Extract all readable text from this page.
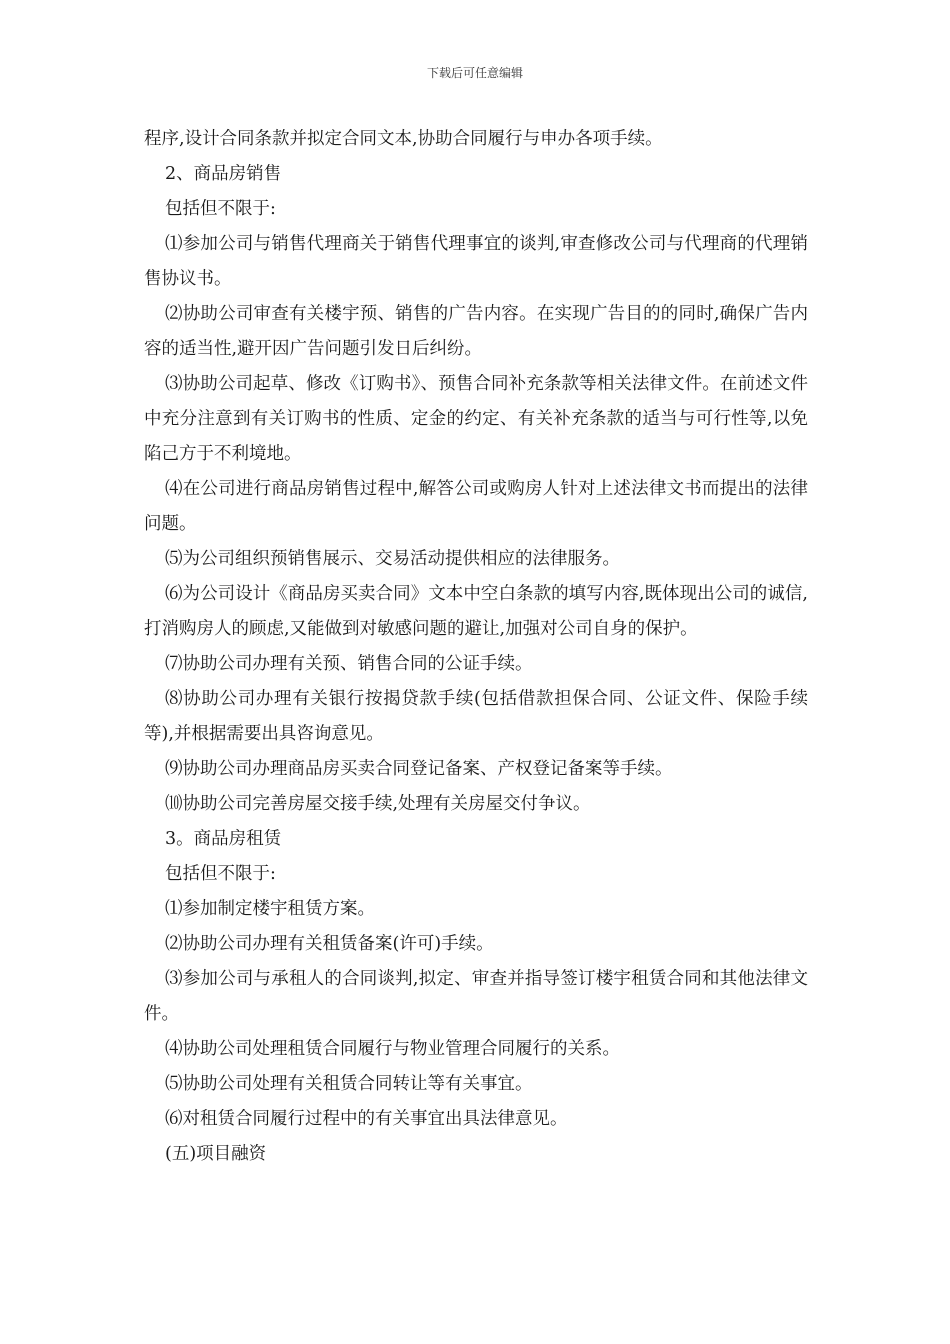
下载后可任意编辑

程序,设计合同条款并拟定合同文本,协助合同履行与申办各项手续。

2、商品房销售

包括但不限于:

⑴参加公司与销售代理商关于销售代理事宜的谈判,审查修改公司与代理商的代理销售协议书。

⑵协助公司审查有关楼宇预、销售的广告内容。在实现广告目的的同时,确保广告内容的适当性,避开因广告问题引发日后纠纷。

⑶协助公司起草、修改《订购书》、预售合同补充条款等相关法律文件。在前述文件中充分注意到有关订购书的性质、定金的约定、有关补充条款的适当与可行性等,以免陷己方于不利境地。

⑷在公司进行商品房销售过程中,解答公司或购房人针对上述法律文书而提出的法律问题。

⑸为公司组织预销售展示、交易活动提供相应的法律服务。

⑹为公司设计《商品房买卖合同》文本中空白条款的填写内容,既体现出公司的诚信,打消购房人的顾虑,又能做到对敏感问题的避让,加强对公司自身的保护。

⑺协助公司办理有关预、销售合同的公证手续。

⑻协助公司办理有关银行按揭贷款手续(包括借款担保合同、公证文件、保险手续等),并根据需要出具咨询意见。

⑼协助公司办理商品房买卖合同登记备案、产权登记备案等手续。

⑽协助公司完善房屋交接手续,处理有关房屋交付争议。

3。商品房租赁

包括但不限于:

⑴参加制定楼宇租赁方案。

⑵协助公司办理有关租赁备案(许可)手续。

⑶参加公司与承租人的合同谈判,拟定、审查并指导签订楼宇租赁合同和其他法律文件。

⑷协助公司处理租赁合同履行与物业管理合同履行的关系。

⑸协助公司处理有关租赁合同转让等有关事宜。

⑹对租赁合同履行过程中的有关事宜出具法律意见。

(五)项目融资
